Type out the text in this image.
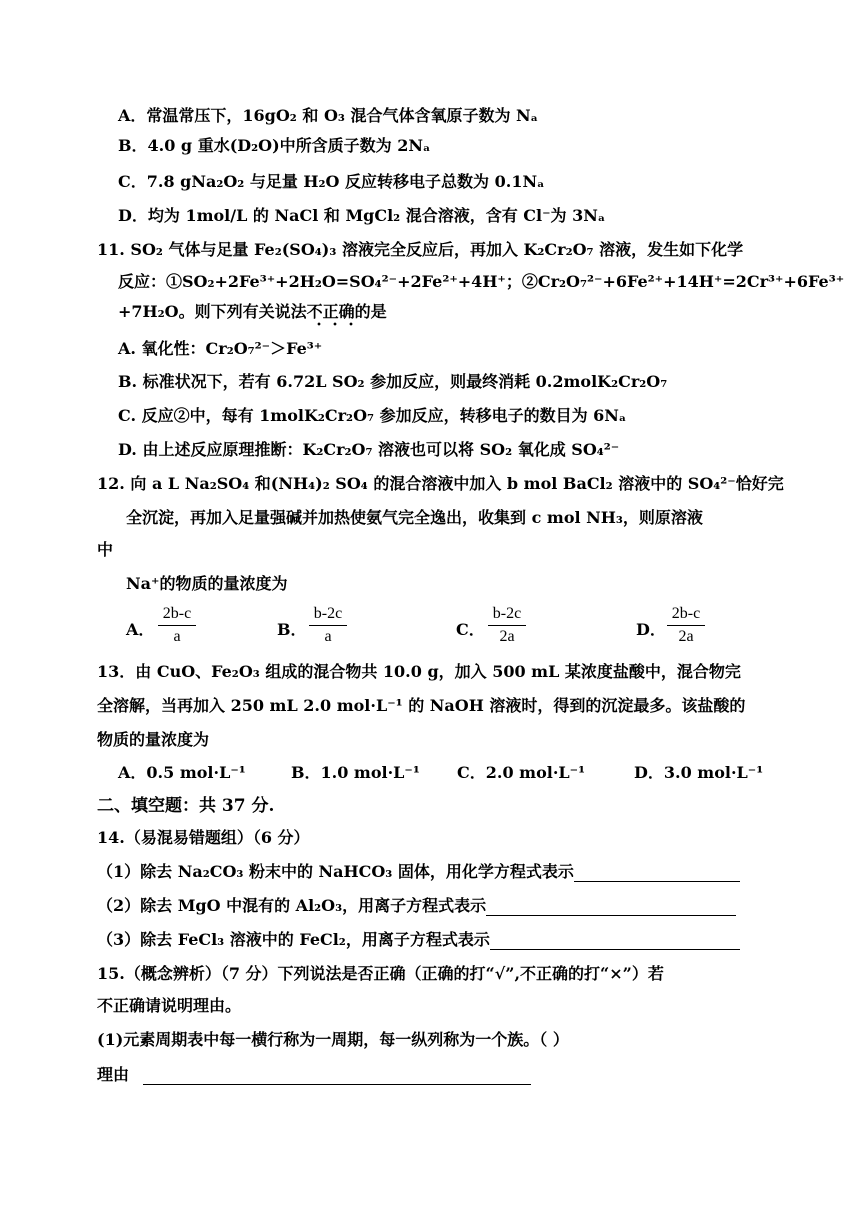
A．常温常压下，16gO₂ 和 O₃ 混合气体含氧原子数为 Nₐ
B．4.0 g 重水(D₂O)中所含质子数为 2Nₐ
C．7.8 gNa₂O₂ 与足量 H₂O 反应转移电子总数为 0.1Nₐ
D．均为 1mol/L 的 NaCl 和 MgCl₂ 混合溶液，含有 Cl⁻为 3Nₐ
11. SO₂ 气体与足量 Fe₂(SO₄)₃ 溶液完全反应后，再加入 K₂Cr₂O₇ 溶液，发生如下化学
反应：①SO₂+2Fe³⁺+2H₂O=SO₄²⁻+2Fe²⁺+4H⁺；②Cr₂O₇²⁻+6Fe²⁺+14H⁺=2Cr³⁺+6Fe³⁺
+7H₂O。则下列有关说法不正确的是
A. 氧化性：Cr₂O₇²⁻＞Fe³⁺
B. 标准状况下，若有 6.72L SO₂ 参加反应，则最终消耗 0.2molK₂Cr₂O₇
C. 反应②中，每有 1molK₂Cr₂O₇ 参加反应，转移电子的数目为 6Nₐ
D. 由上述反应原理推断：K₂Cr₂O₇ 溶液也可以将 SO₂ 氧化成 SO₄²⁻
12. 向 a L Na₂SO₄ 和(NH₄)₂ SO₄ 的混合溶液中加入 b mol BaCl₂ 溶液中的 SO₄²⁻恰好完
全沉淀，再加入足量强碱并加热使氨气完全逸出，收集到 c mol NH₃，则原溶液
中
Na⁺的物质的量浓度为
A． $\frac{2b-c}{a}$	B． $\frac{b-2c}{a}$	C． $\frac{b-2c}{2a}$	D． $\frac{2b-c}{2a}$
13．由 CuO、Fe₂O₃ 组成的混合物共 10.0 g，加入 500 mL 某浓度盐酸中，混合物完
全溶解，当再加入 250 mL 2.0 mol·L⁻¹ 的 NaOH 溶液时，得到的沉淀最多。该盐酸的
物质的量浓度为
A．0.5 mol·L⁻¹	B．1.0 mol·L⁻¹ C．2.0 mol·L⁻¹	D．3.0 mol·L⁻¹
二、填空题：共 37 分.
14.（易混易错题组）（6 分）
（1）除去 Na₂CO₃ 粉末中的 NaHCO₃ 固体，用化学方程式表示
（2）除去 MgO 中混有的 Al₂O₃，用离子方程式表示
（3）除去 FeCl₃ 溶液中的 FeCl₂，用离子方程式表示
15.（概念辨析）（7 分）下列说法是否正确（正确的打“√”,不正确的打“×”）若
不正确请说明理由。
(1)元素周期表中每一横行称为一周期，每一纵列称为一个族。（ ）
理由
